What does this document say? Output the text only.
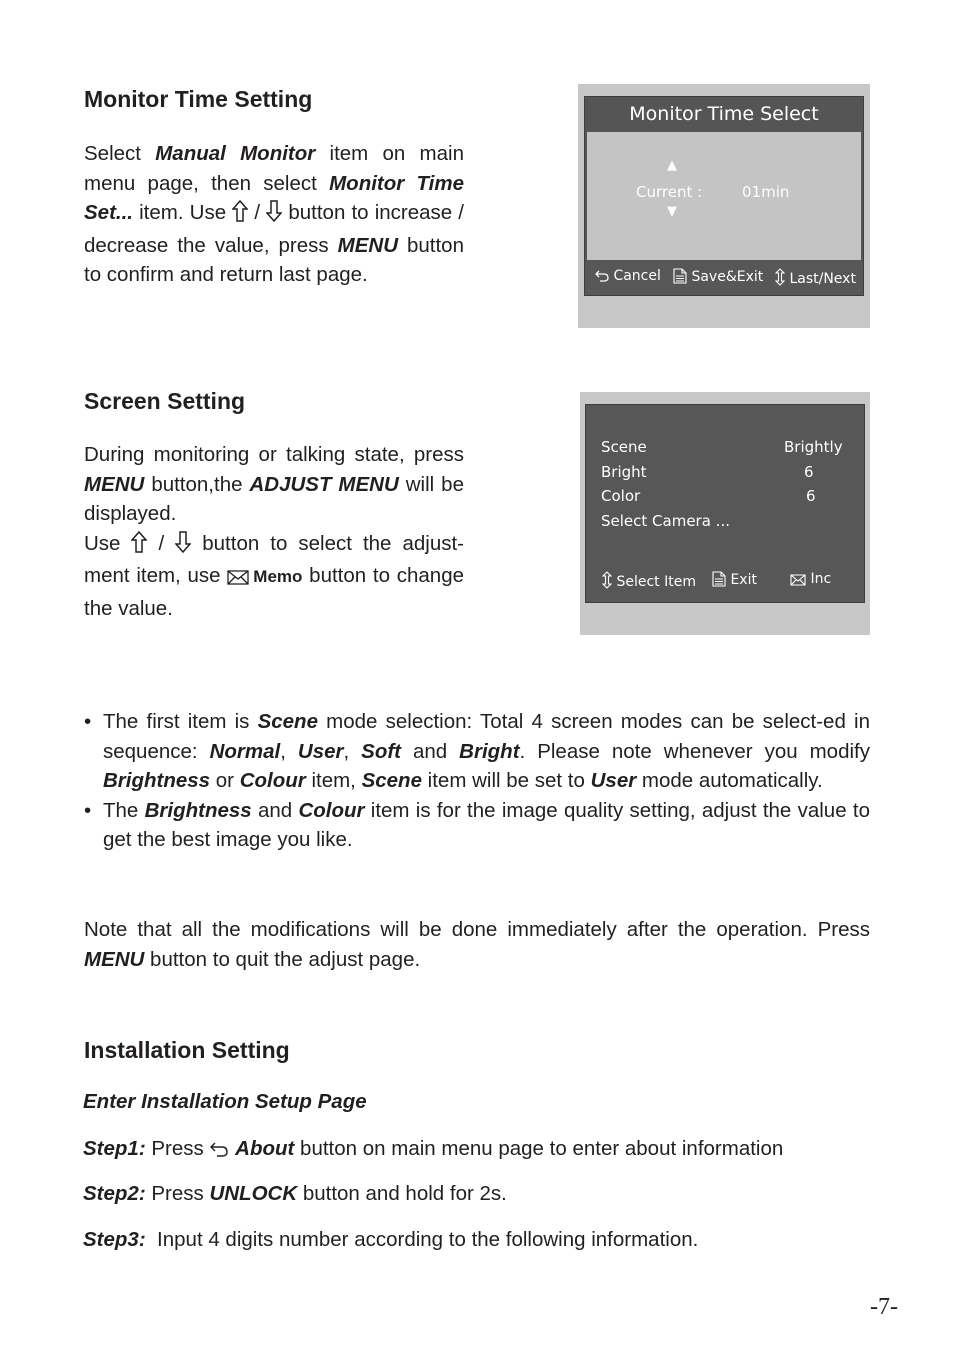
Monitor Time Setting
Select Manual Monitor item on main menu page, then select Monitor Time Set... item. Use  /  button to increase / decrease the value, press MENU button to confirm and return last page.
Monitor Time Select
▲
Current :	01min
▼
Cancel	Save&Exit	Last/Next
Screen Setting
During monitoring or talking state, press MENU button,the ADJUST MENU will be displayed.
Use  /  button to select the adjust-ment item, use Memo button to change the value.
Scene	Brightly
Bright	6
Color	6
Select Camera ...
Select Item	Exit	Inc
• The first item is Scene mode selection: Total 4 screen modes can be select-ed in sequence: Normal, User, Soft and Bright. Please note whenever you modify Brightness or Colour item, Scene item will be set to User mode automatically.
• The Brightness and Colour item is for the image quality setting, adjust the value to get the best image you like.
Note that all the modifications will be done immediately after the operation. Press MENU button to quit the adjust page.
Installation Setting
Enter Installation Setup Page
Step1: Press  About button on main menu page to enter about information
Step2: Press UNLOCK button and hold for 2s.
Step3:  Input 4 digits number according to the following information.
-7-
